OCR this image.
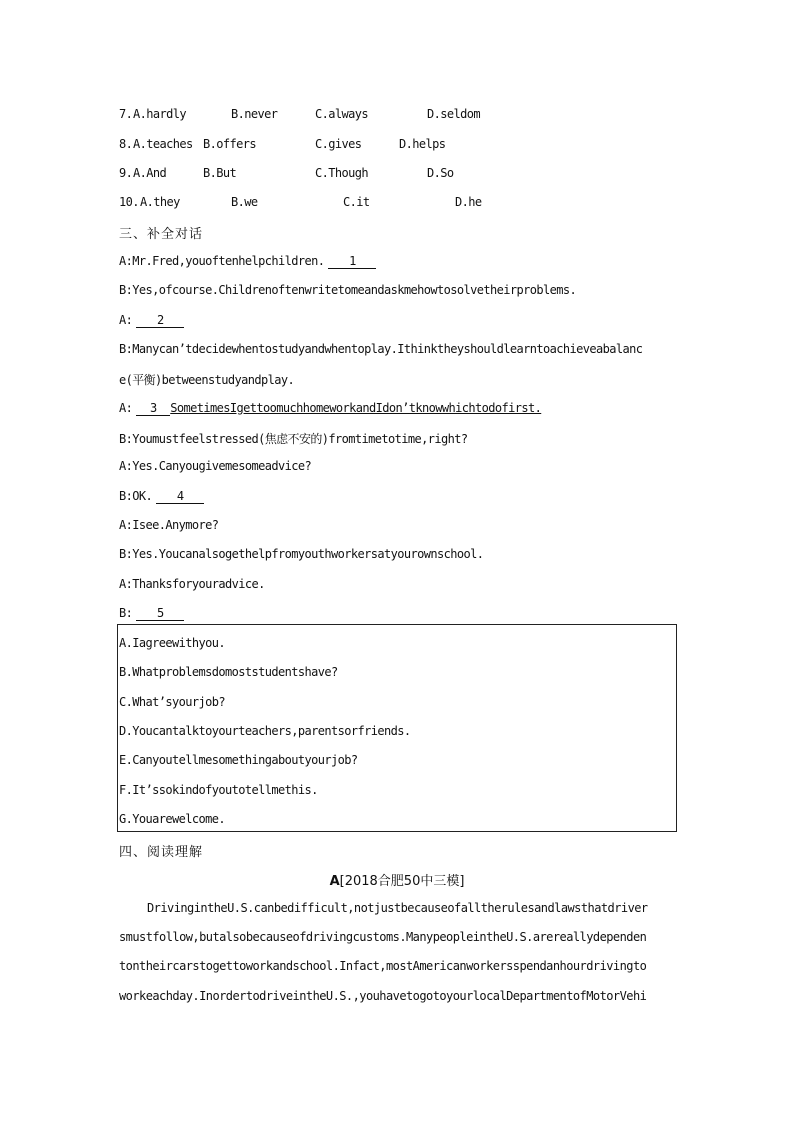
7. A.hardly	B.never	C.always	D.seldom
8. A.teaches B.offers	C.gives	D.helps
9. A.And	B.But	C.Though	D.So
10. A.they	B.we	C.it	D.he
三、补全对话
A:Mr.Fred,youoftenhelpchildren. 1
B:Yes,ofcourse.Childrenoftenwritetomeandaskmehowtosolvetheirproblems.
A: 2
B:Manycan’tdecidewhentostudyandwhentoplay.Ithinktheyshouldlearntoachieveabalanc
e(平衡)betweenstudyandplay.
A: 3 SometimesIgettoomuchhomeworkandIdon’tknowwhichtodofirst.
B:Youmustfeelstressed(焦虑不安的)fromtimetotime,right?
A:Yes.Canyougivemesomeadvice?
B:OK. 4
A:Isee.Anymore?
B:Yes.Youcanalsogethelpfromyouthworkersatyourownschool.
A:Thanksforyouradvice.
B: 5
A.Iagreewithyou.
B.Whatproblemsdomoststudentshave?
C.What’syourjob?
D.Youcantalktoyourteachers,parentsorfriends.
E.Canyoutellmesomethingaboutyourjob?
F.It’ssokindofyoutotellmethis.
G.Youarewelcome.
四、阅读理解
A[2018合肥50中三模]
DrivingintheU.S.canbedifficult,notjustbecauseofalltherulesandlawsthatdriver
smustfollow,butalsobecauseofdrivingcustoms.ManypeopleintheU.S.arereallydependen
tontheircarstogettoworkandschool.Infact,mostAmericanworkersspendanhourdrivingto
workeachday.InordertodriveintheU.S.,youhavetogotoyourlocalDepartmentofMotorVehi
